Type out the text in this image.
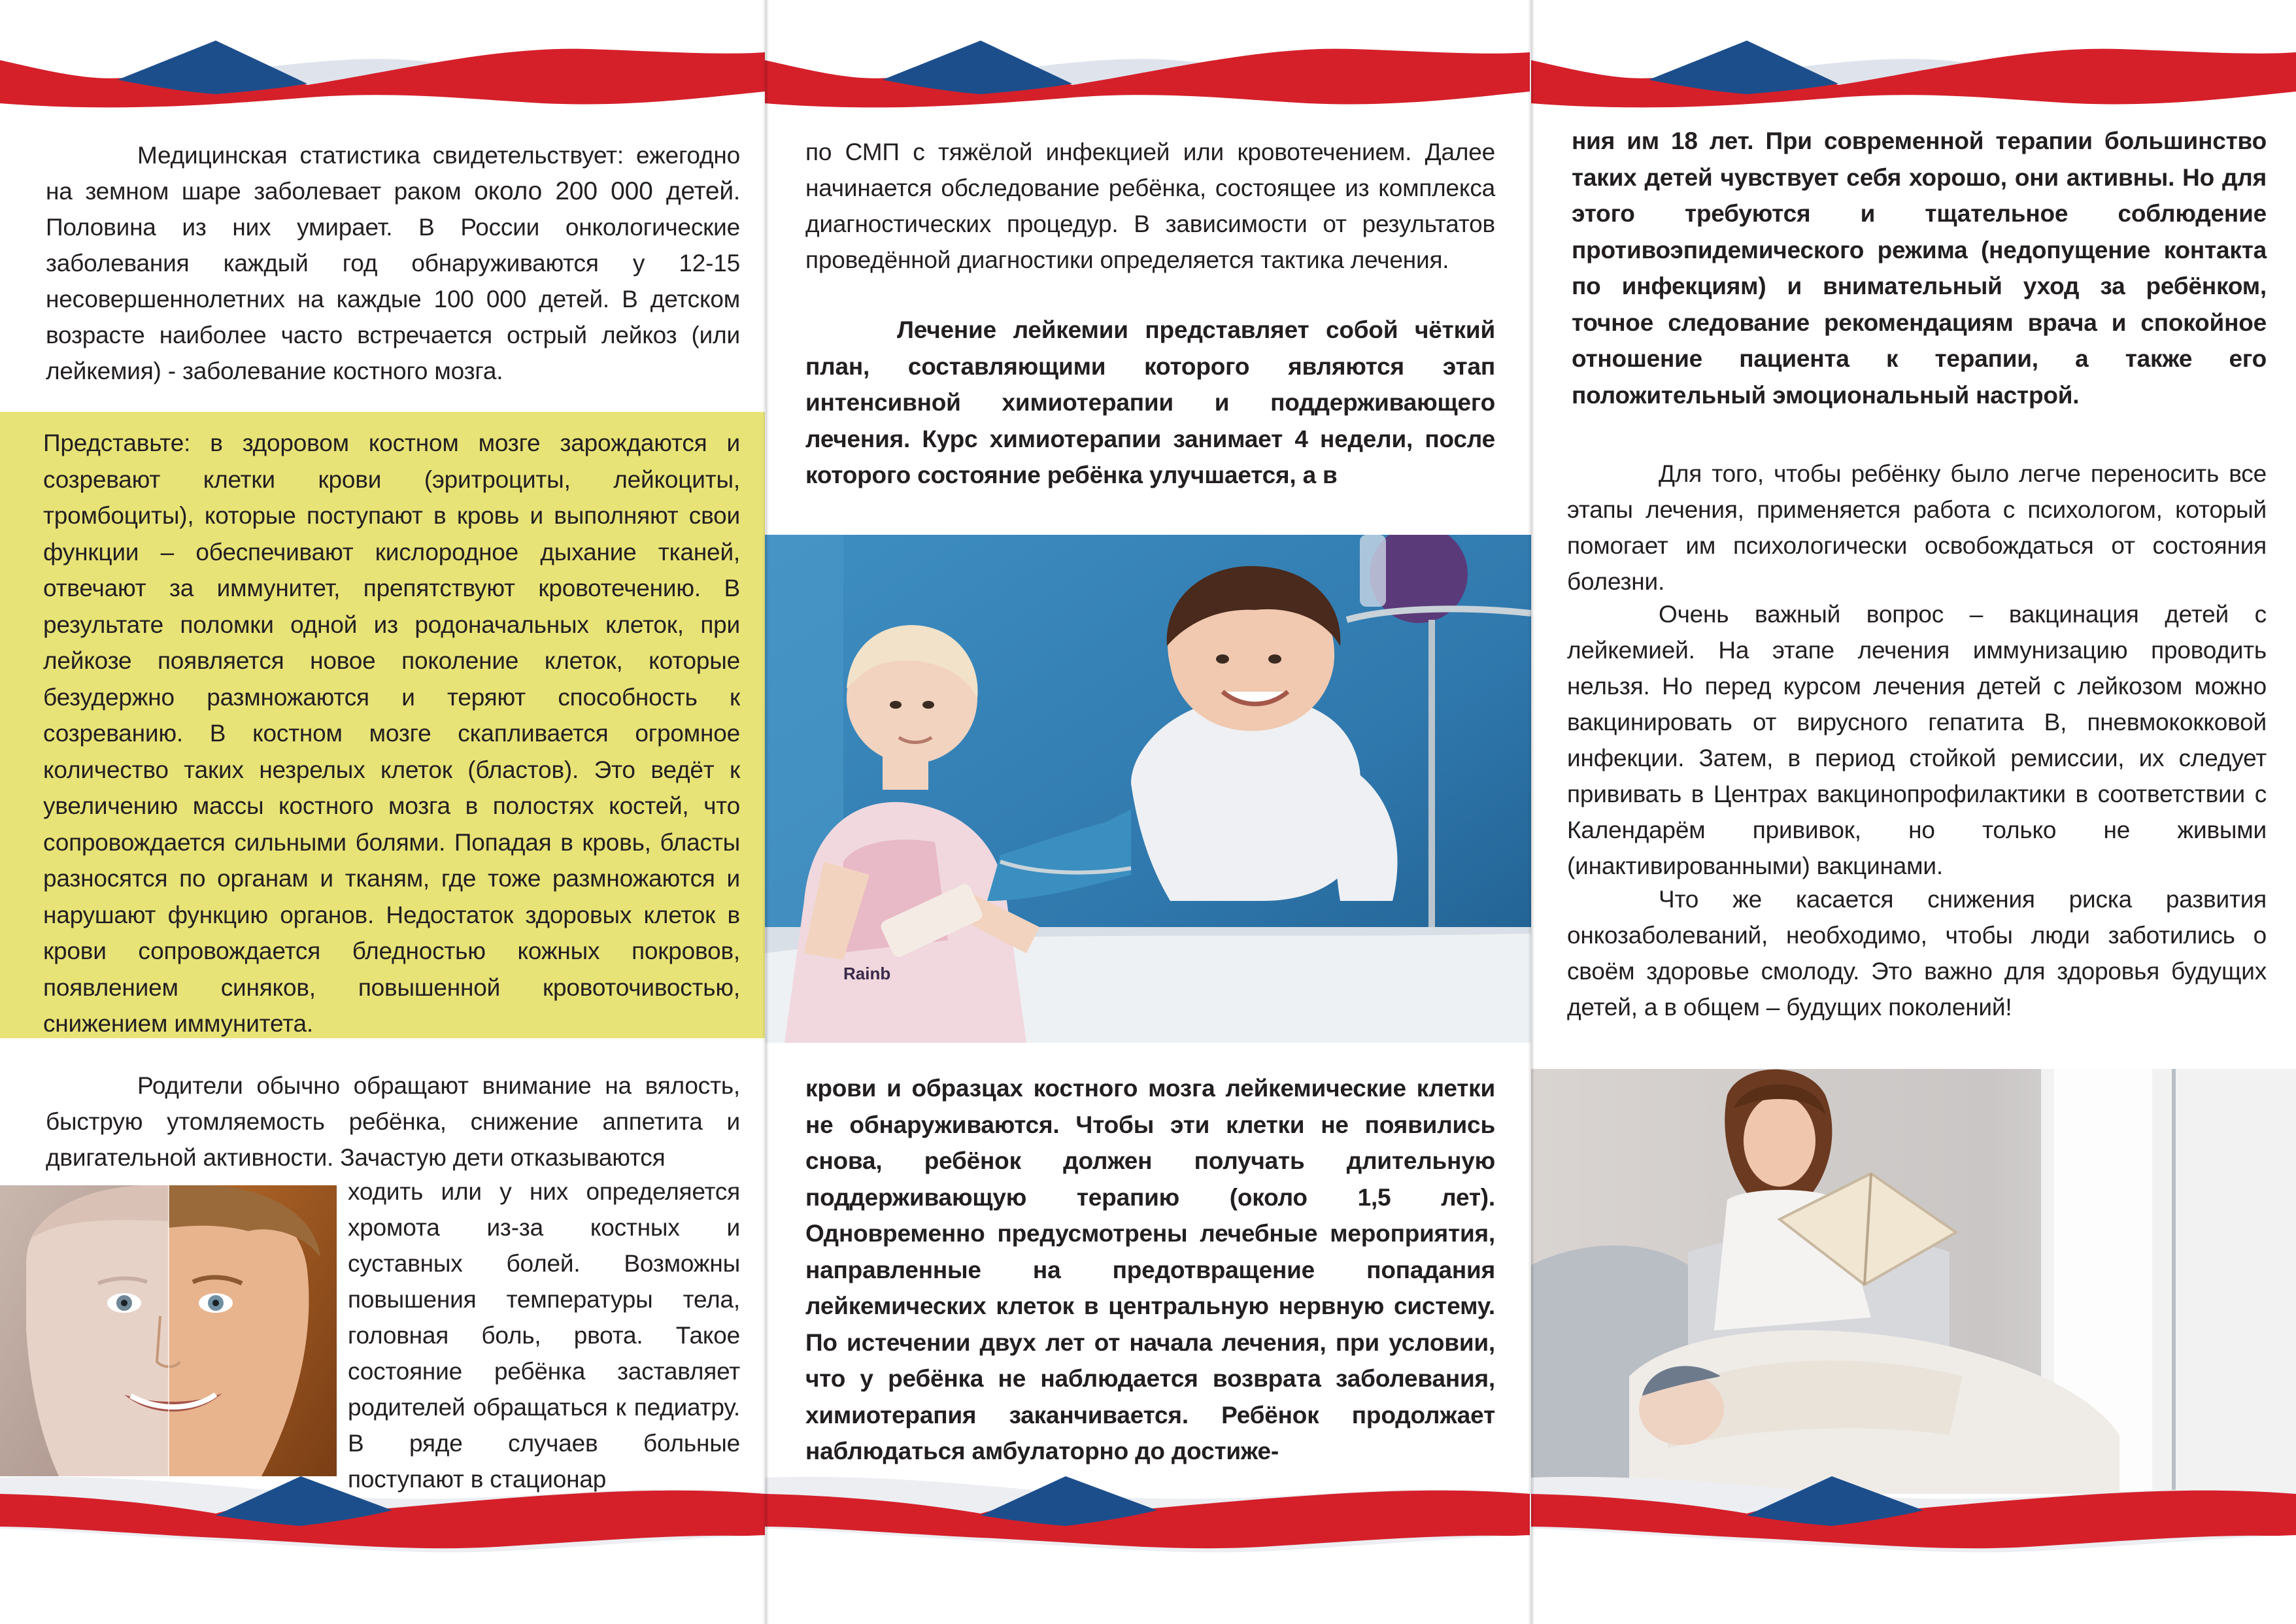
Медицинская статистика свидетельствует: ежегодно на земном шаре заболевает раком около 200 000 детей. Половина из них умирает. В России онкологические заболевания каждый год обнаруживаются у 12-15 несовершеннолетних на каждые 100 000 детей. В детском возрасте наиболее часто встречается острый лейкоз (или лейкемия) - заболевание костного мозга.
Представьте: в здоровом костном мозге зарождаются и созревают клетки крови (эритроциты, лейкоциты, тромбоциты), которые поступают в кровь и выполняют свои функции – обеспечивают кислородное дыхание тканей, отвечают за иммунитет, препятствуют кровотечению. В результате поломки одной из родоначальных клеток, при лейкозе появляется новое поколение клеток, которые безудержно размножаются и теряют способность к созреванию. В костном мозге скапливается огромное количество таких незрелых клеток (бластов). Это ведёт к увеличению массы костного мозга в полостях костей, что сопровождается сильными болями. Попадая в кровь, бласты разносятся по органам и тканям, где тоже размножаются и нарушают функцию органов. Недостаток здоровых клеток в крови сопровождается бледностью кожных покровов, появлением синяков, повышенной кровоточивостью, снижением иммунитета.
Родители обычно обращают внимание на вялость, быструю утомляемость ребёнка, снижение аппетита и двигательной активности. Зачастую дети отказываются
ходить или у них определяется хромота из-за костных и суставных болей. Возможны повышения температуры тела, головная боль, рвота. Такое состояние ребёнка заставляет родителей обращаться к педиатру. В ряде случаев больные поступают в стационар
по СМП с тяжёлой инфекцией или кровотечением. Далее начинается обследование ребёнка, состоящее из комплекса диагностических процедур. В зависимости от результатов проведённой диагностики определяется тактика лечения.
Лечение лейкемии представляет собой чёткий план, составляющими которого являются этап интенсивной химиотерапии и поддерживающего лечения. Курс химиотерапии занимает 4 недели, после которого состояние ребёнка улучшается, а в
Rainb
крови и образцах костного мозга лейкемические клетки не обнаруживаются. Чтобы эти клетки не появились снова, ребёнок должен получать длительную поддерживающую терапию (около 1,5 лет). Одновременно предусмотрены лечебные мероприятия, направленные на предотвращение попадания лейкемических клеток в центральную нервную систему. По истечении двух лет от начала лечения, при условии, что у ребёнка не наблюдается возврата заболевания, химиотерапия заканчивается. Ребёнок продолжает наблюдаться амбулаторно до достиже-
ния им 18 лет. При современной терапии большинство таких детей чувствует себя хорошо, они активны. Но для этого требуются и тщательное соблюдение противоэпидемического режима (недопущение контакта по инфекциям) и внимательный уход за ребёнком, точное следование рекомендациям врача и спокойное отношение пациента к терапии, а также его положительный эмоциональный настрой.
Для того, чтобы ребёнку было легче переносить все этапы лечения, применяется работа с психологом, который помогает им психологически освобождаться от состояния болезни.
Очень важный вопрос – вакцинация детей с лейкемией. На этапе лечения иммунизацию проводить нельзя. Но перед курсом лечения детей с лейкозом можно вакцинировать от вирусного гепатита В, пневмококковой инфекции. Затем, в период стойкой ремиссии, их следует прививать в Центрах вакцинопрофилактики в соответствии с Календарём прививок, но только не живыми (инактивированными) вакцинами.
Что же касается снижения риска развития онкозаболеваний, необходимо, чтобы люди заботились о своём здоровье смолоду. Это важно для здоровья будущих детей, а в общем – будущих поколений!
